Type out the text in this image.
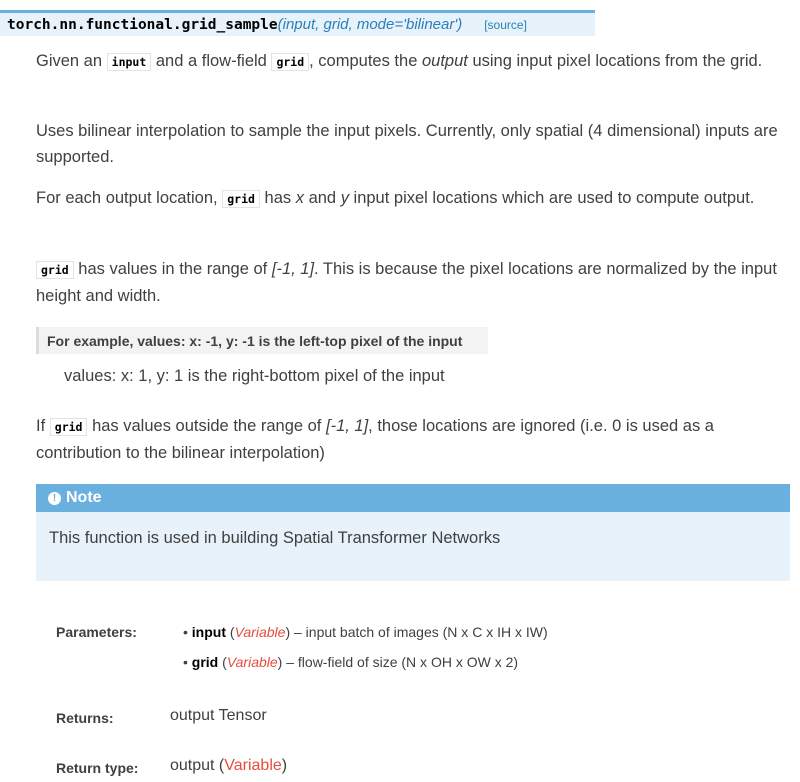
torch.nn.functional.grid_sample ( input, grid, mode='bilinear' ) [source]

Given an input and a flow-field grid , computes the output using input pixel locations from the grid.

Uses bilinear interpolation to sample the input pixels. Currently, only spatial (4 dimensional) inputs are supported.

For each output location, grid has x and y input pixel locations which are used to compute output.

grid has values in the range of [-1, 1]. This is because the pixel locations are normalized by the input height and width.

For example, values: x: -1, y: -1 is the left-top pixel of the input
values: x: 1, y: 1 is the right-bottom pixel of the input

If grid has values outside the range of [-1, 1], those locations are ignored (i.e. 0 is used as a contribution to the bilinear interpolation)

! Note
This function is used in building Spatial Transformer Networks
Parameters:	• input (Variable) – input batch of images (N x C x IH x IW)
• grid (Variable) – flow-field of size (N x OH x OW x 2)
Returns:	output Tensor
Return type: output (Variable)
